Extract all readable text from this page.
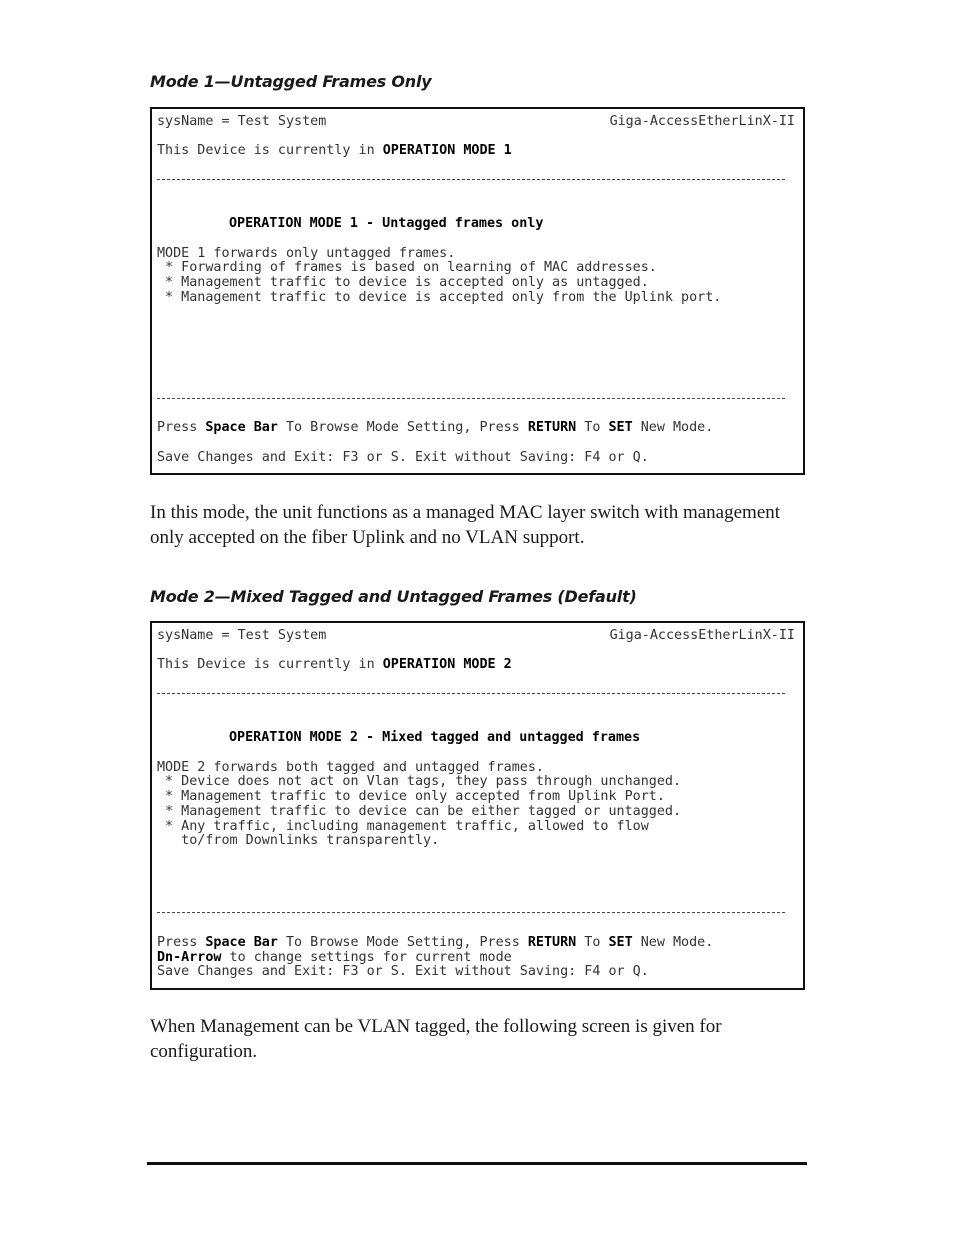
Mode 1—Untagged Frames Only
sysName = Test System	Giga-AccessEtherLinX-II
This Device is currently in OPERATION MODE 1
OPERATION MODE 1 - Untagged frames only
MODE 1 forwards only untagged frames.
* Forwarding of frames is based on learning of MAC addresses.
* Management traffic to device is accepted only as untagged.
* Management traffic to device is accepted only from the Uplink port.
Press Space Bar To Browse Mode Setting, Press RETURN To SET New Mode.
Save Changes and Exit: F3 or S. Exit without Saving: F4 or Q.

In this mode, the unit functions as a managed MAC layer switch with management only accepted on the fiber Uplink and no VLAN support.

Mode 2—Mixed Tagged and Untagged Frames (Default)
sysName = Test System	Giga-AccessEtherLinX-II
This Device is currently in OPERATION MODE 2
OPERATION MODE 2 - Mixed tagged and untagged frames
MODE 2 forwards both tagged and untagged frames.
* Device does not act on Vlan tags, they pass through unchanged.
* Management traffic to device only accepted from Uplink Port.
* Management traffic to device can be either tagged or untagged.
* Any traffic, including management traffic, allowed to flow
to/from Downlinks transparently.
Press Space Bar To Browse Mode Setting, Press RETURN To SET New Mode.
Dn-Arrow to change settings for current mode
Save Changes and Exit: F3 or S. Exit without Saving: F4 or Q.

When Management can be VLAN tagged, the following screen is given for configuration.
